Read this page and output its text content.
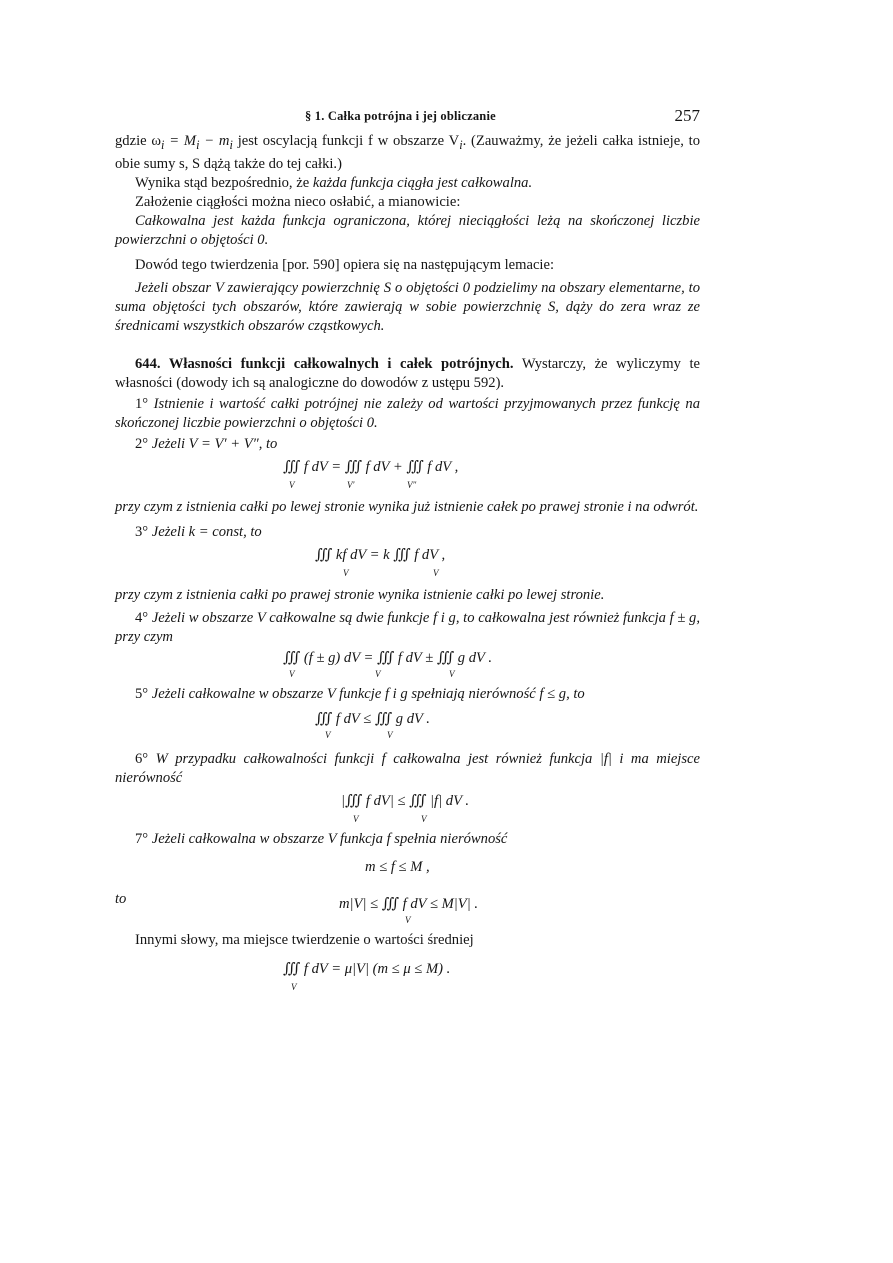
§ 1. Całka potrójna i jej obliczanie	257

gdzie $\omega_i = M_i - m_i$ jest oscylacją funkcji f w obszarze $V_i$. (Zauważmy, że jeżeli całka istnieje, to obie sumy s, S dążą także do tej całki.)

Wynika stąd bezpośrednio, że każda funkcja ciągła jest całkowalna.

Założenie ciągłości można nieco osłabić, a mianowicie:

Całkowalna jest każda funkcja ograniczona, której nieciągłości leżą na skończonej liczbie powierzchni o objętości 0.

Dowód tego twierdzenia [por. 590] opiera się na następującym lemacie:

Jeżeli obszar V zawierający powierzchnię S o objętości 0 podzielimy na obszary elementarne, to suma objętości tych obszarów, które zawierają w sobie powierzchnię S, dąży do zera wraz ze średnicami wszystkich obszarów cząstkowych.

644. Własności funkcji całkowalnych i całek potrójnych. Wystarczy, że wyliczymy te własności (dowody ich są analogiczne do dowodów z ustępu 592).

1° Istnienie i wartość całki potrójnej nie zależy od wartości przyjmowanych przez funkcję na skończonej liczbie powierzchni o objętości 0.

2° Jeżeli V = V′ + V″, to

∭ f dV = ∭ f dV + ∭ f dV ,
V	V′	V″

przy czym z istnienia całki po lewej stronie wynika już istnienie całek po prawej stronie i na odwrót.

3° Jeżeli k = const, to

∭ kf dV = k ∭ f dV ,
V	V

przy czym z istnienia całki po prawej stronie wynika istnienie całki po lewej stronie.

4° Jeżeli w obszarze V całkowalne są dwie funkcje f i g, to całkowalna jest również funkcja f ± g, przy czym

∭ (f ± g) dV = ∭ f dV ± ∭ g dV .
V	V	V

5° Jeżeli całkowalne w obszarze V funkcje f i g spełniają nierówność f ≤ g, to

∭ f dV ≤ ∭ g dV .
V	V

6° W przypadku całkowalności funkcji f całkowalna jest również funkcja |f| i ma miejsce nierówność

|∭ f dV| ≤ ∭ |f| dV .
V	V

7° Jeżeli całkowalna w obszarze V funkcja f spełnia nierówność

m ≤ f ≤ M ,
to	m|V| ≤ ∭ f dV ≤ M|V| .
V

Innymi słowy, ma miejsce twierdzenie o wartości średniej

∭ f dV = μ|V| (m ≤ μ ≤ M) .
V
